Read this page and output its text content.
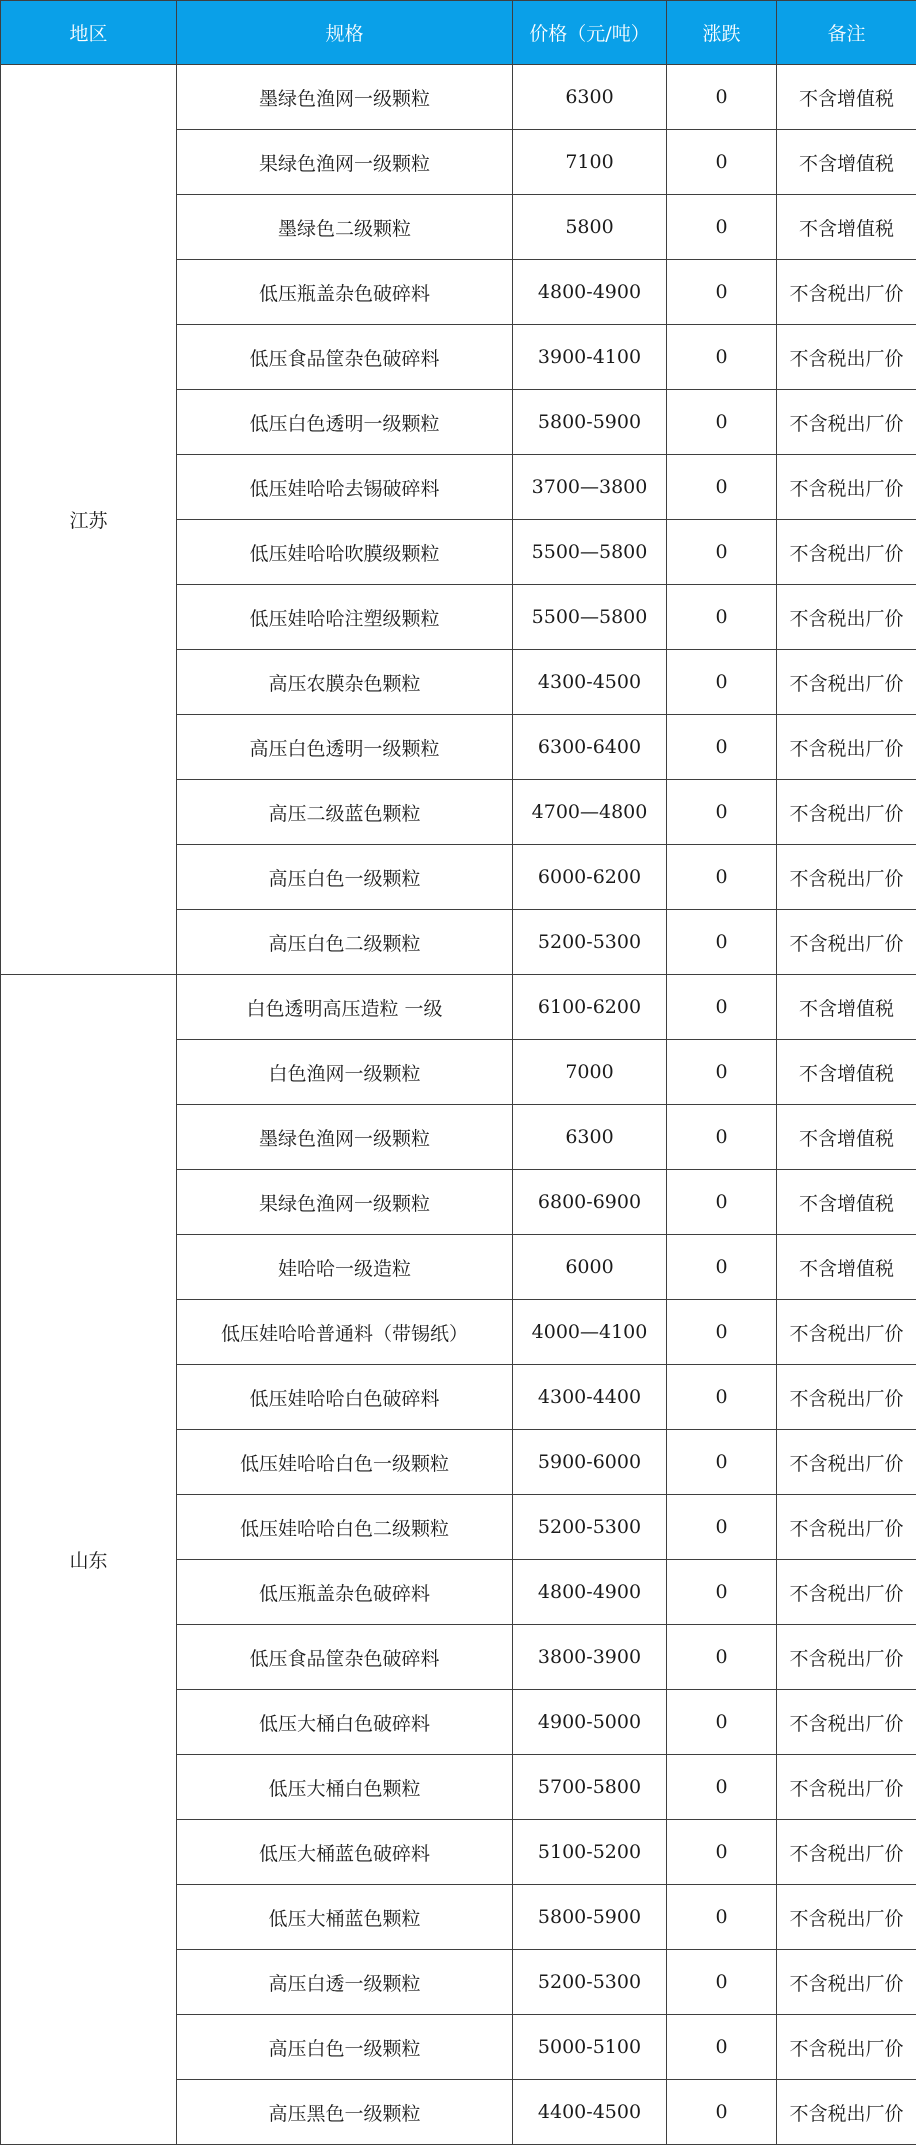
地区	规格	价格（元/吨）	涨跌	备注
江苏	墨绿色渔网一级颗粒	6300	0	不含增值税
	果绿色渔网一级颗粒	7100	0	不含增值税
	墨绿色二级颗粒	5800	0	不含增值税
	低压瓶盖杂色破碎料	4800-4900	0	不含税出厂价
	低压食品筐杂色破碎料	3900-4100	0	不含税出厂价
	低压白色透明一级颗粒	5800-5900	0	不含税出厂价
	低压娃哈哈去锡破碎料	3700—3800	0	不含税出厂价
	低压娃哈哈吹膜级颗粒	5500—5800	0	不含税出厂价
	低压娃哈哈注塑级颗粒	5500—5800	0	不含税出厂价
	高压农膜杂色颗粒	4300-4500	0	不含税出厂价
	高压白色透明一级颗粒	6300-6400	0	不含税出厂价
	高压二级蓝色颗粒	4700—4800	0	不含税出厂价
	高压白色一级颗粒	6000-6200	0	不含税出厂价
	高压白色二级颗粒	5200-5300	0	不含税出厂价
山东	白色透明高压造粒 一级	6100-6200	0	不含增值税
	白色渔网一级颗粒	7000	0	不含增值税
	墨绿色渔网一级颗粒	6300	0	不含增值税
	果绿色渔网一级颗粒	6800-6900	0	不含增值税
	娃哈哈一级造粒	6000	0	不含增值税
	低压娃哈哈普通料（带锡纸）	4000—4100	0	不含税出厂价
	低压娃哈哈白色破碎料	4300-4400	0	不含税出厂价
	低压娃哈哈白色一级颗粒	5900-6000	0	不含税出厂价
	低压娃哈哈白色二级颗粒	5200-5300	0	不含税出厂价
	低压瓶盖杂色破碎料	4800-4900	0	不含税出厂价
	低压食品筐杂色破碎料	3800-3900	0	不含税出厂价
	低压大桶白色破碎料	4900-5000	0	不含税出厂价
	低压大桶白色颗粒	5700-5800	0	不含税出厂价
	低压大桶蓝色破碎料	5100-5200	0	不含税出厂价
	低压大桶蓝色颗粒	5800-5900	0	不含税出厂价
	高压白透一级颗粒	5200-5300	0	不含税出厂价
	高压白色一级颗粒	5000-5100	0	不含税出厂价
	高压黑色一级颗粒	4400-4500	0	不含税出厂价
